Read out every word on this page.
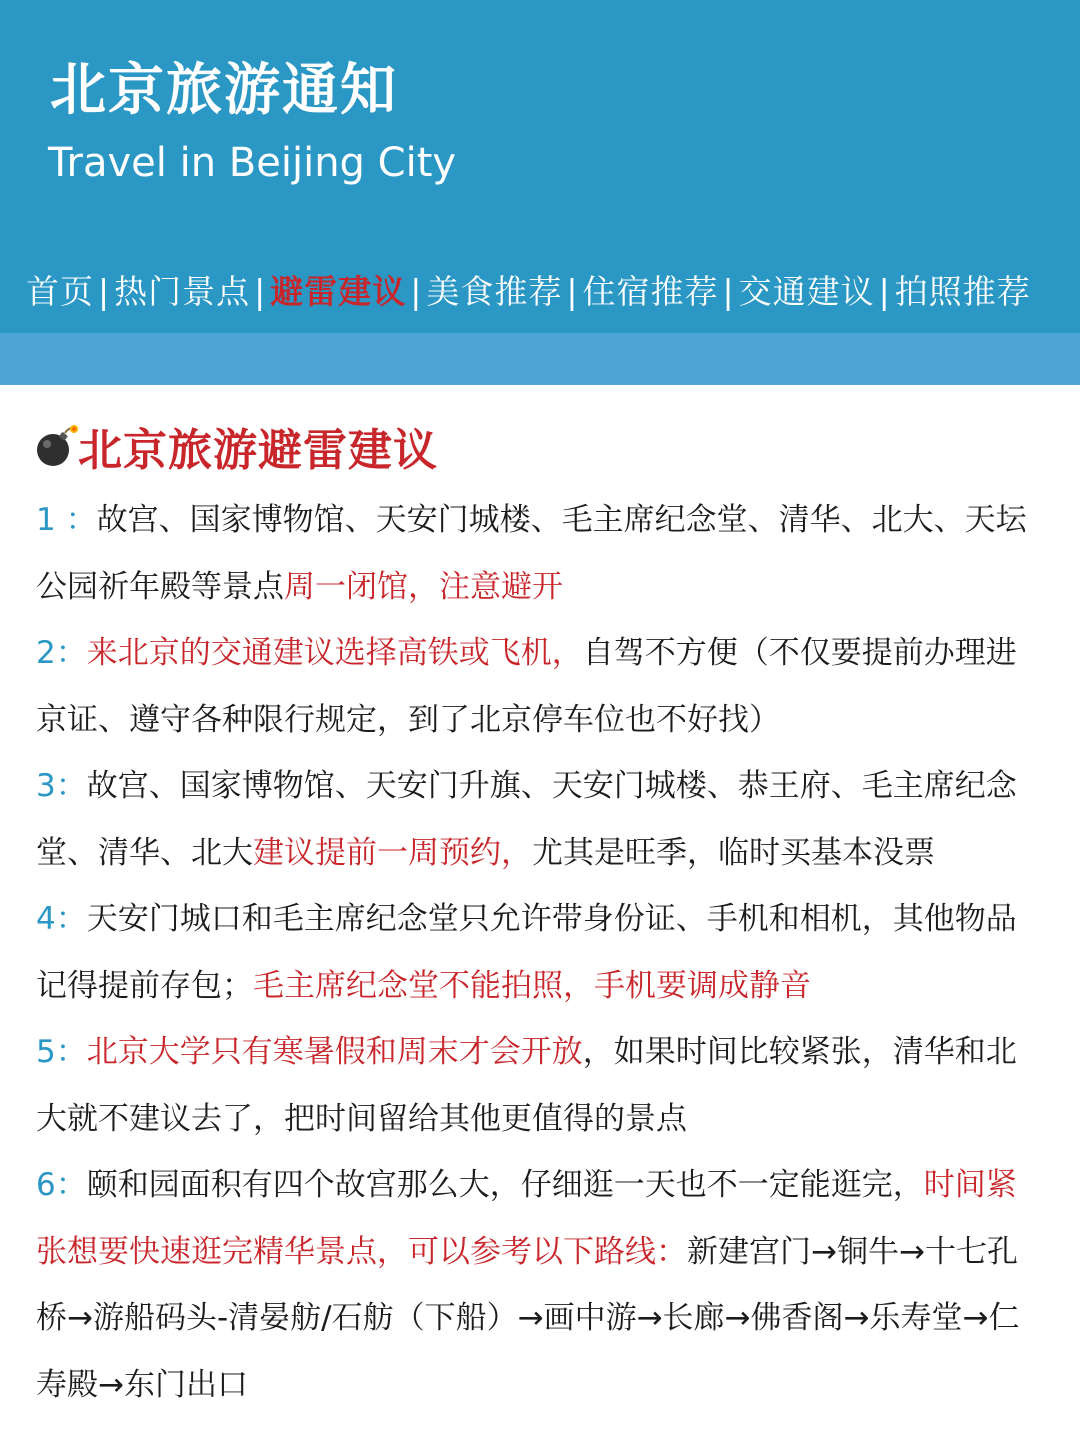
北京旅游通知
Travel in Beijing City
首页 | 热门景点 | 避雷建议 | 美食推荐 | 住宿推荐 | 交通建议 | 拍照推荐
北京旅游避雷建议

1 ：故宫、国家博物馆、天安门城楼、毛主席纪念堂、清华、北大、天坛公园祈年殿等景点周一闭馆，注意避开

2：来北京的交通建议选择高铁或飞机，自驾不方便（不仅要提前办理进京证、遵守各种限行规定，到了北京停车位也不好找）

3：故宫、国家博物馆、天安门升旗、天安门城楼、恭王府、毛主席纪念堂、清华、北大建议提前一周预约，尤其是旺季，临时买基本没票

4：天安门城口和毛主席纪念堂只允许带身份证、手机和相机，其他物品记得提前存包；毛主席纪念堂不能拍照，手机要调成静音

5：北京大学只有寒暑假和周末才会开放，如果时间比较紧张，清华和北大就不建议去了，把时间留给其他更值得的景点

6：颐和园面积有四个故宫那么大，仔细逛一天也不一定能逛完，时间紧张想要快速逛完精华景点，可以参考以下路线：新建宫门→铜牛→十七孔桥→游船码头-清晏舫/石舫（下船）→画中游→长廊→佛香阁→乐寿堂→仁寿殿→东门出口
